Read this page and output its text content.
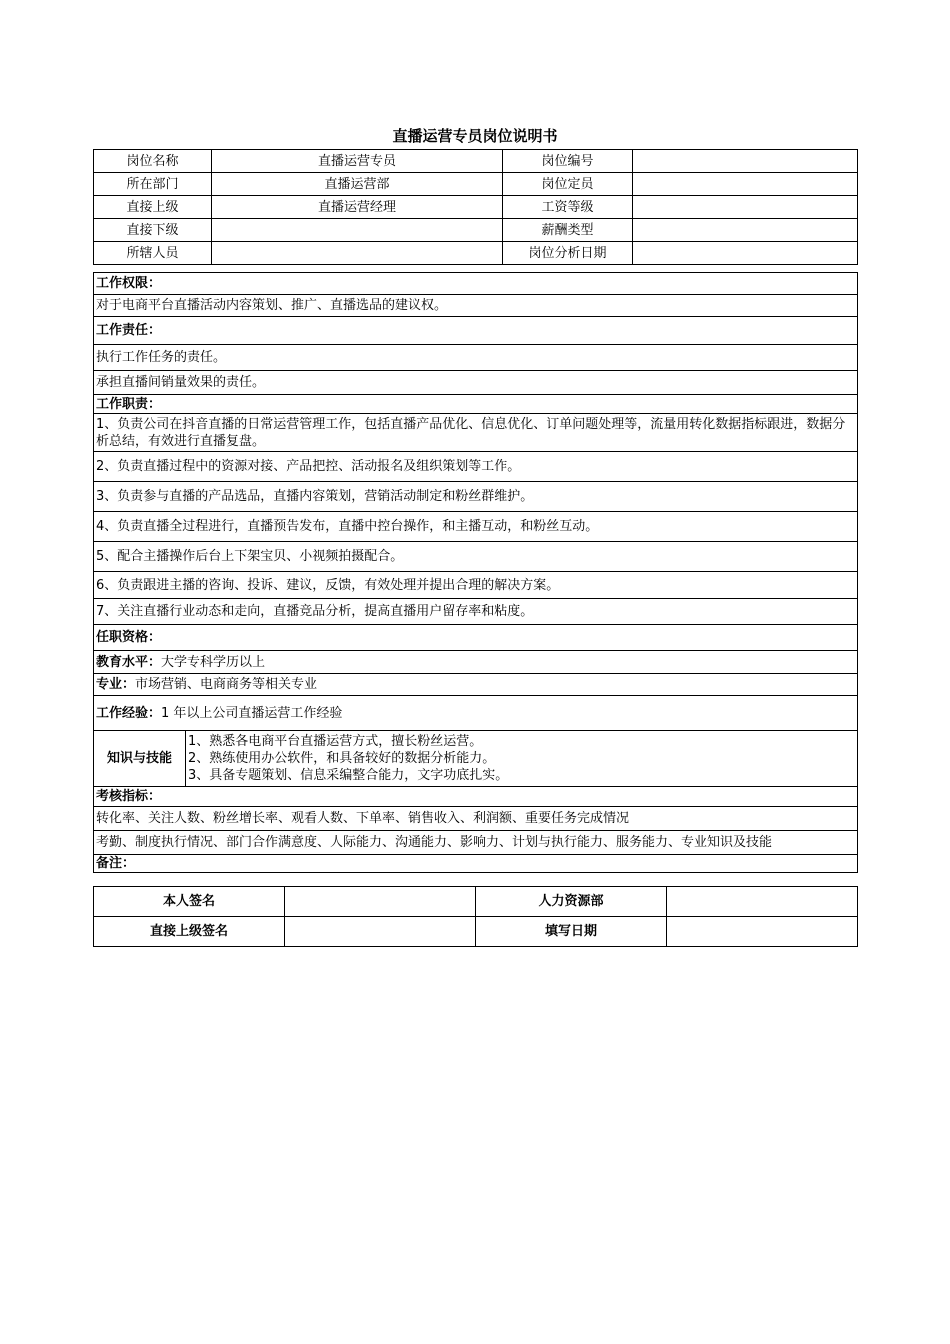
直播运营专员岗位说明书
岗位名称	直播运营专员	岗位编号	
所在部门	直播运营部	岗位定员	
直接上级	直播运营经理	工资等级	
直接下级		薪酬类型	
所辖人员		岗位分析日期	
工作权限：
对于电商平台直播活动内容策划、推广、直播选品的建议权。
工作责任：
执行工作任务的责任。
承担直播间销量效果的责任。
工作职责：
1、负责公司在抖音直播的日常运营管理工作，包括直播产品优化、信息优化、订单问题处理等，流量用转化数据指标跟进，数据分析总结，有效进行直播复盘。
2、负责直播过程中的资源对接、产品把控、活动报名及组织策划等工作。
3、负责参与直播的产品选品，直播内容策划，营销活动制定和粉丝群维护。
4、负责直播全过程进行，直播预告发布，直播中控台操作，和主播互动，和粉丝互动。
5、配合主播操作后台上下架宝贝、小视频拍摄配合。
6、负责跟进主播的咨询、投诉、建议，反馈，有效处理并提出合理的解决方案。
7、关注直播行业动态和走向，直播竞品分析，提高直播用户留存率和粘度。
任职资格：
教育水平：大学专科学历以上
专业：市场营销、电商商务等相关专业
工作经验：1 年以上公司直播运营工作经验
知识与技能	
1、熟悉各电商平台直播运营方式，擅长粉丝运营。
2、熟练使用办公软件，和具备较好的数据分析能力。
3、具备专题策划、信息采编整合能力，文字功底扎实。

考核指标：
转化率、关注人数、粉丝增长率、观看人数、下单率、销售收入、利润额、重要任务完成情况
考勤、制度执行情况、部门合作满意度、人际能力、沟通能力、影响力、计划与执行能力、服务能力、专业知识及技能
备注：
本人签名		人力资源部	
直接上级签名		填写日期	
